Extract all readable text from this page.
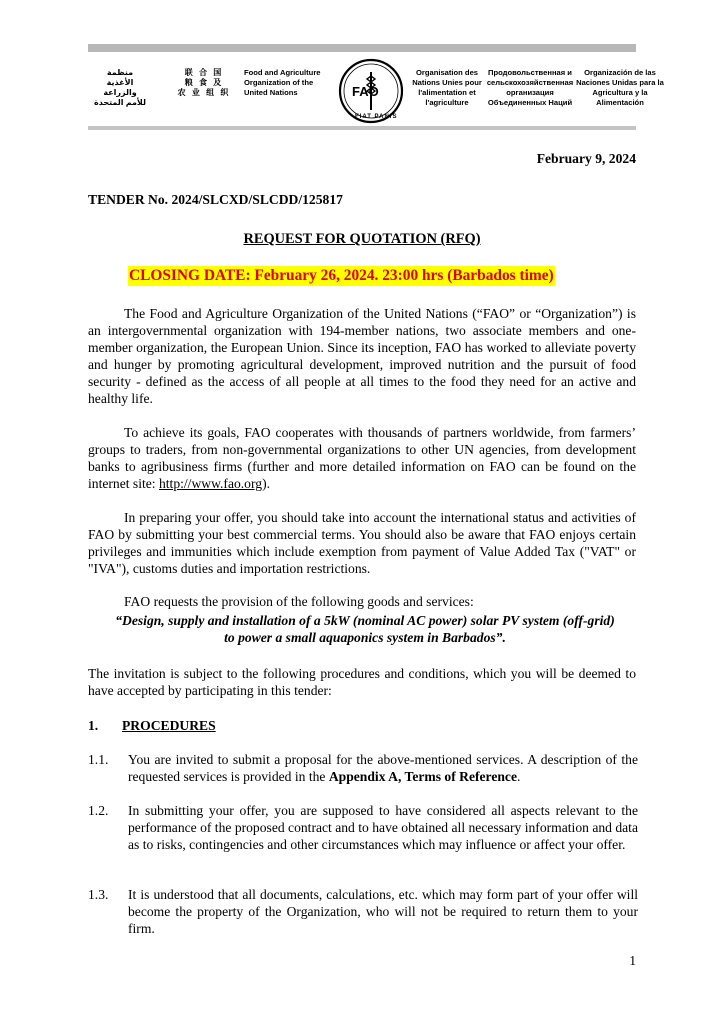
منظمة
الأغذية والزراعة
للأمم المتحدة
联 合 国
粮 食 及
农 业 组 织
Food and Agriculture
Organization of the
United Nations	FAO
FIAT PANIS
Organisation des
Nations Unies pour
l'alimentation et
l'agriculture
Продовольственная и
сельскохозяйственная
организация
Объединенных Наций
Organización de las
Naciones Unidas para la
Agricultura y la
Alimentación
February 9, 2024
TENDER No. 2024/SLCXD/SLCDD/125817
REQUEST FOR QUOTATION (RFQ)
CLOSING DATE: February 26, 2024. 23:00 hrs (Barbados time)
The Food and Agriculture Organization of the United Nations (“FAO” or “Organization”) is an intergovernmental organization with 194-member nations, two associate members and one-member organization, the European Union. Since its inception, FAO has worked to alleviate poverty and hunger by promoting agricultural development, improved nutrition and the pursuit of food security - defined as the access of all people at all times to the food they need for an active and healthy life.
To achieve its goals, FAO cooperates with thousands of partners worldwide, from farmers’ groups to traders, from non-governmental organizations to other UN agencies, from development banks to agribusiness firms (further and more detailed information on FAO can be found on the internet site: http://www.fao.org).
In preparing your offer, you should take into account the international status and activities of FAO by submitting your best commercial terms. You should also be aware that FAO enjoys certain privileges and immunities which include exemption from payment of Value Added Tax ("VAT" or "IVA"), customs duties and importation restrictions.
FAO requests the provision of the following goods and services:
“Design, supply and installation of a 5kW (nominal AC power) solar PV system (off-grid) to power a small aquaponics system in Barbados”.
The invitation is subject to the following procedures and conditions, which you will be deemed to have accepted by participating in this tender:
1. PROCEDURES
1.1. You are invited to submit a proposal for the above-mentioned services. A description of the requested services is provided in the Appendix A, Terms of Reference.
1.2. In submitting your offer, you are supposed to have considered all aspects relevant to the performance of the proposed contract and to have obtained all necessary information and data as to risks, contingencies and other circumstances which may influence or affect your offer.
1.3. It is understood that all documents, calculations, etc. which may form part of your offer will become the property of the Organization, who will not be required to return them to your firm.
1
